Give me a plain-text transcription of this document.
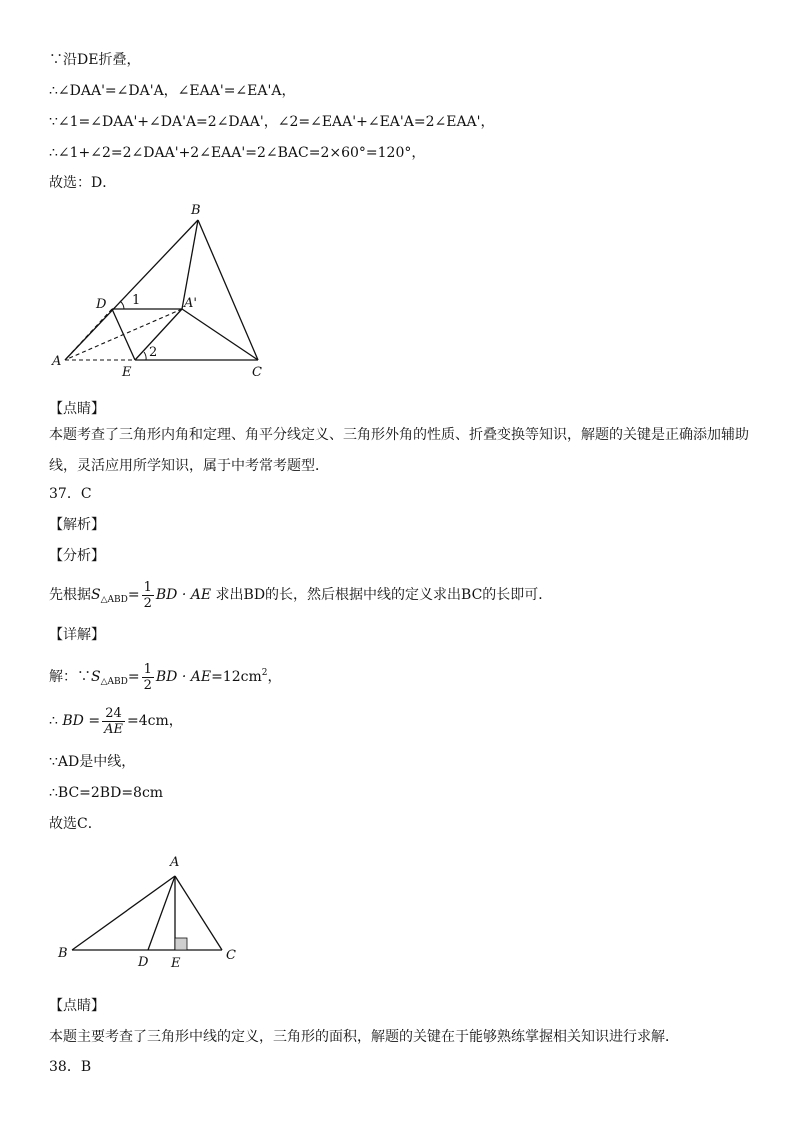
∵沿DE折叠，
∴∠DAA'=∠DA'A，∠EAA'=∠EA'A，
∵∠1=∠DAA'+∠DA'A=2∠DAA'，∠2=∠EAA'+∠EA'A=2∠EAA'，
∴∠1+∠2=2∠DAA'+2∠EAA'=2∠BAC=2×60°=120°，
故选：D．
B
D	A'
A
E	C
1
2
【点睛】
本题考查了三角形内角和定理、角平分线定义、三角形外角的性质、折叠变换等知识，解题的关键是正确添加辅助线，灵活应用所学知识，属于中考常考题型．
37．C
【解析】
【分析】
先根据$S_{\triangle ABD}= \frac{1}{2}$ BD · AE 求出BD的长，然后根据中线的定义求出BC的长即可．
【详解】
解：$\because S_{\triangle ABD}= \frac{1}{2}$ BD · $AE=12cm^2$，
∴ BD = $\frac{24}{AE} =4cm$，
∵AD是中线，
∴BC=2BD=8cm
故选C．
A
B
D E
C
【点睛】
本题主要考查了三角形中线的定义，三角形的面积，解题的关键在于能够熟练掌握相关知识进行求解．
38．B
